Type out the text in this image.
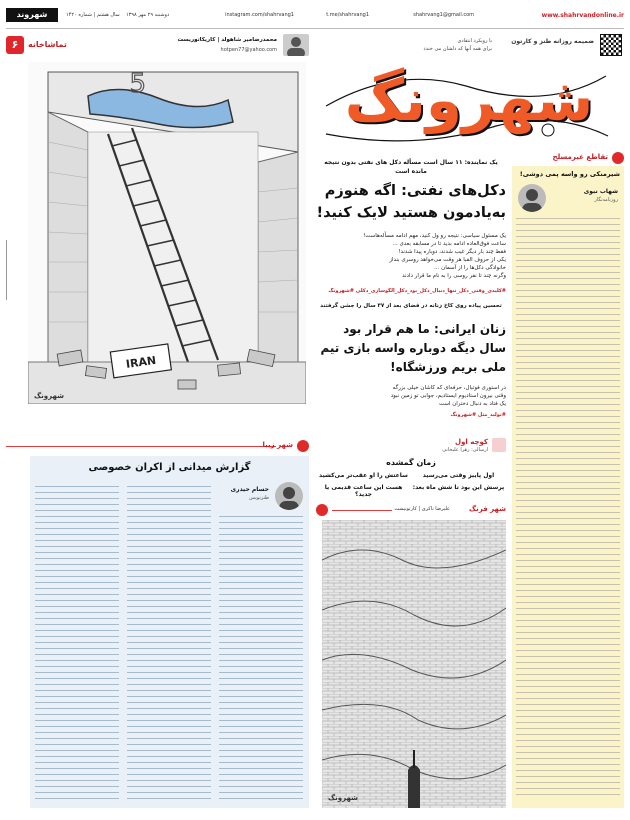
www.shahrvandonline.ir
shahrvang1@gmail.com
t.me/shahrvang1
instagram.com/shahrvang1
سال هشتم | شماره ۱۴۲۰ دوشنبه ۲۹ مهر ۱۳۹۸
شهروند
۶	تماشاخانه	محمدرضامیر شاهولد | کاریکاتوریست
hotpen77@yahoo.com
5
IRAN
شهرونگ
ضمیمه روزانه طنز و کارتون
با رویکرد انتقادی
برای همه آنها که دلشان می خندد
شهرونگ
تقاطع غیرمسلح
شیرمنکی رو واسه پمی دوشی!
شهاب نبوی
روزنامه‌نگار
یک نماینده: ۱۱ سال است مسأله دکل های نفتی بدون نتیجه مانده است
دکل‌های نفتی: اگه هنوزم به‌یادمون هستید لایک کنید!
یک مسئول سیاسی: نتیجه رو ول کنید، مهم ادامه مسأله‌هاست!
ساعت فوق‌العاده ادامه بدید تا در مسابقه بعدی ...
فقط چند بار دیگر غیب شدند، دوباره پیدا شدند!
یکی از حروف الفبا هر وقت می‌خواهد روسری بنداز
خانوادگی دکل‌ها را از آسمان ...
وگرنه چند تا نفر روسی را به نام ما قرار دادند
#کلیدی_وقتی_دکل_تنها_دنبال_دکل_بود_دکل_الگوسازی_دکلی #شهرونگ
تحسین پیاده روی کاخ زنانه در فضای بعد از ۳۷ سال را جشن گرفتند
زنان ایرانی: ما هم قرار بود سال دیگه دوباره واسه بازی تیم ملی بریم ورزشگاه!
در استوری فوتبال، حرفه‌ای که کاشان خیلی بزرگه
وقتی بیرون استادیوم ایستادیم، جوابی تو زمین نبود
یک فتاد به دنبال دختران است
#تولید_مثل #شهرونگ
شهر زیبا
گزارش میدانی از اکران خصوصی
حسام حیدری
طنزنویس
کوچه اول
ارسالی: زهرا علیخانی
زمان گمشده
اول پاییز وقتی می‌رسید
ساعتش را او عقب‌تر می‌کشید
پرسش این بود تا شش ماه بعد:
هست این ساعت قدیمی یا جدید؟
شهر فرنگ
علیرضا ناکری | کارتونیست
شهرونگ
